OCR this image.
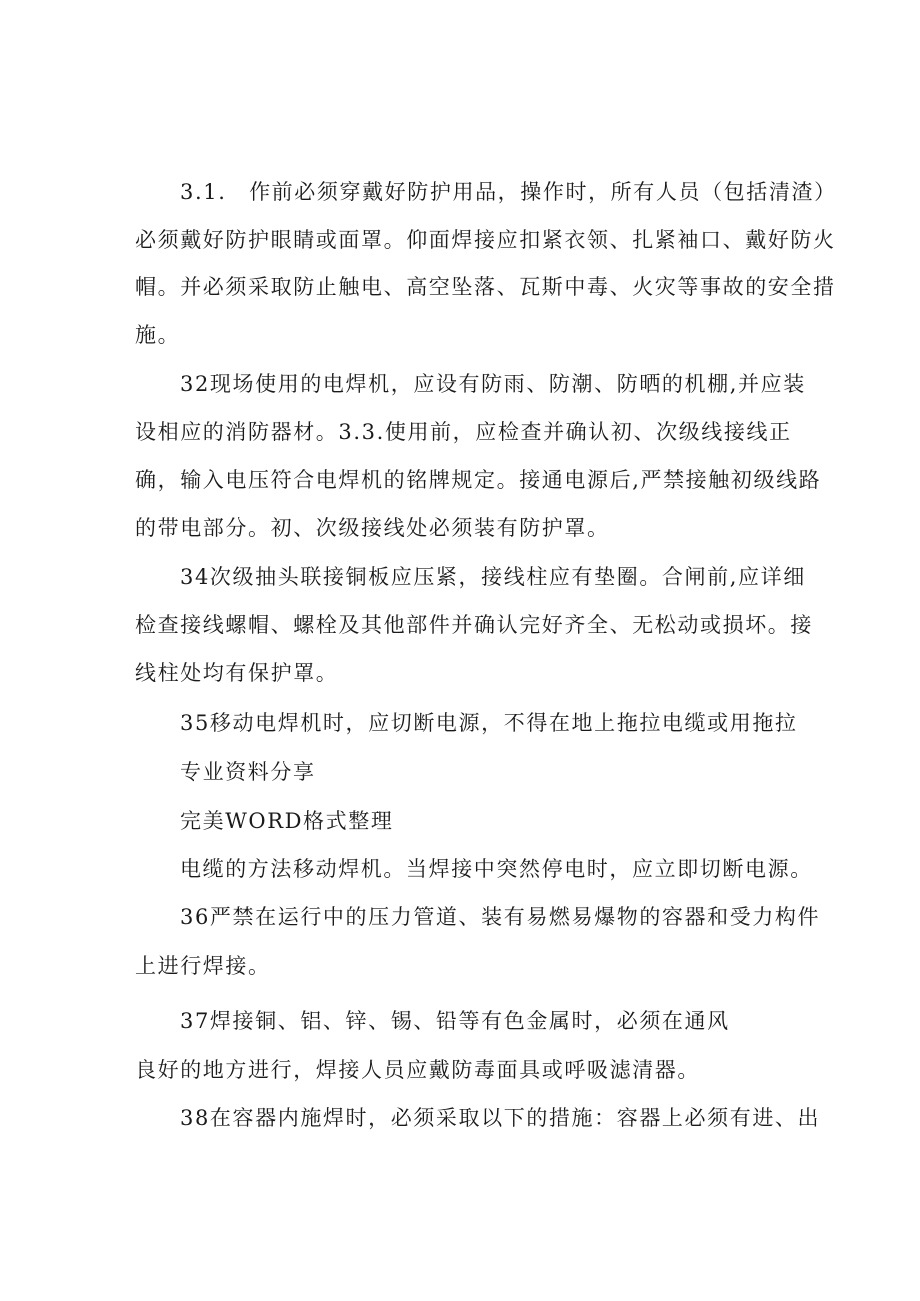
3.1.　作前必须穿戴好防护用品，操作时，所有人员（包括清渣）
必须戴好防护眼睛或面罩。仰面焊接应扣紧衣领、扎紧袖口、戴好防火
帽。并必须采取防止触电、高空坠落、瓦斯中毒、火灾等事故的安全措
施。
32现场使用的电焊机，应设有防雨、防潮、防晒的机棚,并应装
设相应的消防器材。3.3.使用前，应检查并确认初、次级线接线正
确，输入电压符合电焊机的铭牌规定。接通电源后,严禁接触初级线路
的带电部分。初、次级接线处必须装有防护罩。
34次级抽头联接铜板应压紧，接线柱应有垫圈。合闸前,应详细
检查接线螺帽、螺栓及其他部件并确认完好齐全、无松动或损坏。接
线柱处均有保护罩。
35移动电焊机时，应切断电源，不得在地上拖拉电缆或用拖拉
专业资料分享
完美WORD格式整理
电缆的方法移动焊机。当焊接中突然停电时，应立即切断电源。
36严禁在运行中的压力管道、装有易燃易爆物的容器和受力构件
上进行焊接。
37焊接铜、铝、锌、锡、铅等有色金属时，必须在通风
良好的地方进行，焊接人员应戴防毒面具或呼吸滤清器。
38在容器内施焊时，必须采取以下的措施：容器上必须有进、出
